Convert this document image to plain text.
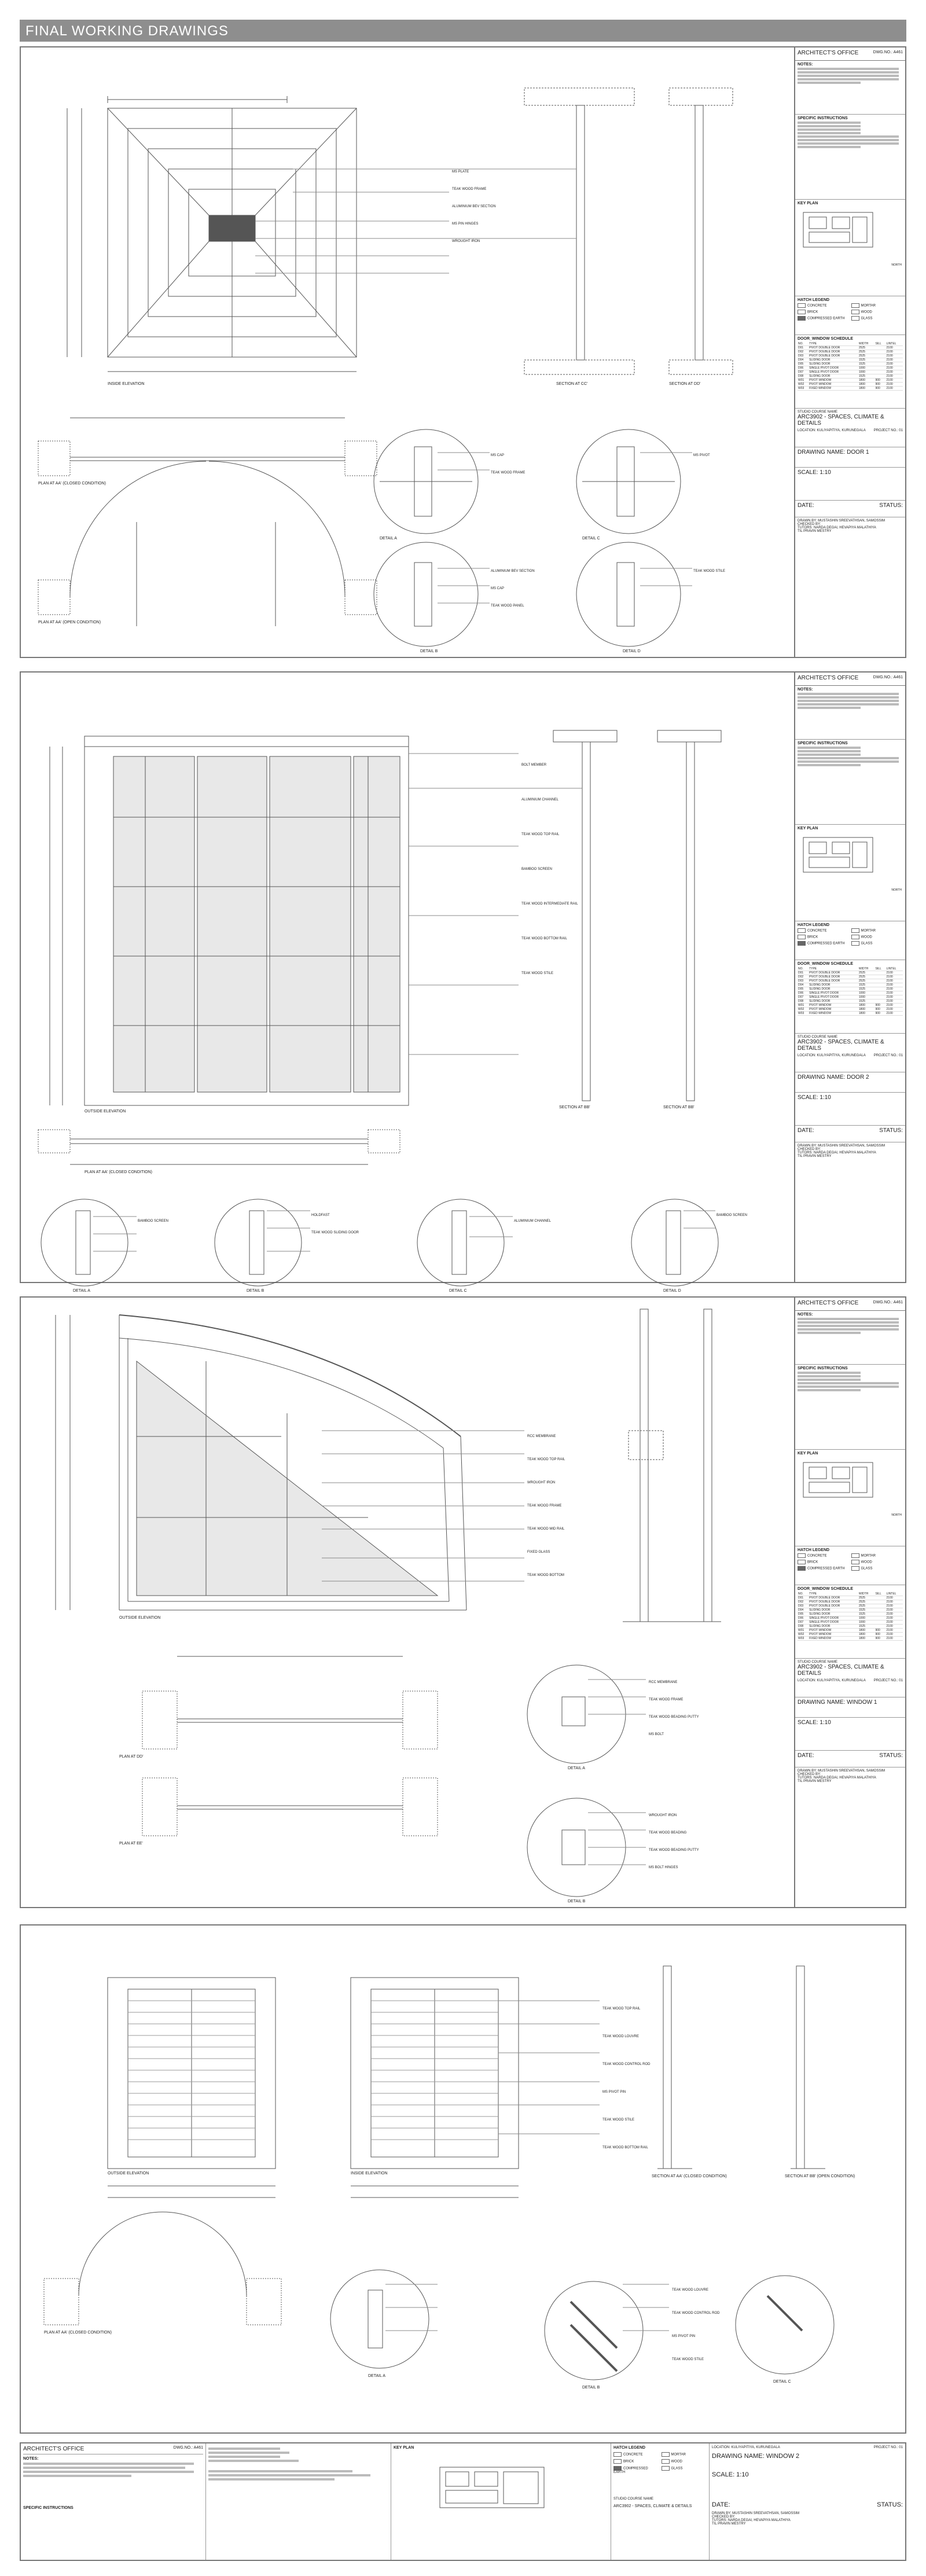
FINAL WORKING DRAWINGS
INSIDE ELEVATION	SECTION AT CC'	SECTION AT DD'
PLAN AT AA' (CLOSED CONDITION)
PLAN AT AA' (OPEN CONDITION)
DETAIL A
DETAIL B
DETAIL C
DETAIL D
MS PLATE
TEAK WOOD FRAME
ALUMINIUM BEV SECTION
MS PIN HINGES
WROUGHT IRON
MS CAP
TEAK WOOD FRAME
ALUMINIUM BEV SECTION
MS CAP
TEAK WOOD PANEL
MS PIVOT
TEAK WOOD STILE
ARCHITECT'S OFFICE	DWG.NO.: A461
NOTES:
SPECIFIC INSTRUCTIONS
KEY PLAN
NORTH
HATCH LEGEND
CONCRETE	MORTAR
BRICK	WOOD
COMPRESSED EARTH	GLASS
DOOR_WINDOW SCHEDULE
NO.	TYPE	WIDTH	SILL	LINTEL
D01	PIVOT DOUBLE DOOR	2525		2100
D02	PIVOT DOUBLE DOOR	2525		2100
D03	PIVOT DOUBLE DOOR	2525		2100
D04	SLIDING DOOR	1525		2100
D05	SLIDING DOOR	1525		2100
D06	SINGLE PIVOT DOOR	1000		2100
D07	SINGLE PIVOT DOOR	1000		2100
D08	SLIDING DOOR	1525		2100
W01	PIVOT WINDOW	1800	900	2100
W02	PIVOT WINDOW	1800	900	2100
W03	FIXED WINDOW	1800	900	2100
STUDIO COURSE NAME
ARC3902 - SPACES, CLIMATE & DETAILS
LOCATION: KULIYAPITIYA, KURUNEGALA PROJECT NO.: 01
DRAWING NAME: DOOR 1
SCALE: 1:10
DATE:	STATUS:
DRAWN BY: MUSTASHIN SREEVATHSAN, SAMOSSIM
CHECKED BY:
TUTORS: NARDA DEGAI, HEVAPIYA MALATHIYA
TIL PRAVIN MESTRY
OUTSIDE ELEVATION
SECTION AT BB'	SECTION AT BB'
PLAN AT AA' (CLOSED CONDITION)
DETAIL A	DETAIL B	DETAIL C	DETAIL D
BOLT MEMBER
ALUMINIUM CHANNEL
TEAK WOOD TOP RAIL
BAMBOO SCREEN
TEAK WOOD INTERMEDIATE RAIL
TEAK WOOD BOTTOM RAIL
TEAK WOOD STILE
BAMBOO SCREEN
HOLDFAST
TEAK WOOD SLIDING DOOR
ALUMINIUM CHANNEL
BAMBOO SCREEN
ARCHITECT'S OFFICE	DWG.NO.: A461
NOTES:
SPECIFIC INSTRUCTIONS
KEY PLAN
NORTH
HATCH LEGEND
CONCRETE	MORTAR
BRICK	WOOD
COMPRESSED EARTH	GLASS
DOOR_WINDOW SCHEDULE
NO.	TYPE	WIDTH	SILL	LINTEL
D01	PIVOT DOUBLE DOOR	2525		2100
D02	PIVOT DOUBLE DOOR	2525		2100
D03	PIVOT DOUBLE DOOR	2525		2100
D04	SLIDING DOOR	1525		2100
D05	SLIDING DOOR	1525		2100
D06	SINGLE PIVOT DOOR	1000		2100
D07	SINGLE PIVOT DOOR	1000		2100
D08	SLIDING DOOR	1525		2100
W01	PIVOT WINDOW	1800	900	2100
W02	PIVOT WINDOW	1800	900	2100
W03	FIXED WINDOW	1800	900	2100
STUDIO COURSE NAME
ARC3902 - SPACES, CLIMATE & DETAILS
LOCATION: KULIYAPITIYA, KURUNEGALA PROJECT NO.: 01
DRAWING NAME: DOOR 2
SCALE: 1:10
DATE:	STATUS:
DRAWN BY: MUSTASHIN SREEVATHSAN, SAMOSSIM
CHECKED BY:
TUTORS: NARDA DEGAI, HEVAPIYA MALATHIYA
TIL PRAVIN MESTRY
OUTSIDE ELEVATION
PLAN AT DD'
PLAN AT EE'
DETAIL A
DETAIL B
RCC MEMBRANE
TEAK WOOD TOP RAIL
WROUGHT IRON
TEAK WOOD FRAME
TEAK WOOD MID RAIL
FIXED GLASS
TEAK WOOD BOTTOM
RCC MEMBRANE
TEAK WOOD FRAME
TEAK WOOD BEADING PUTTY
MS BOLT
WROUGHT IRON
TEAK WOOD BEADING
TEAK WOOD BEADING PUTTY
MS BOLT HINGES
ARCHITECT'S OFFICE	DWG.NO.: A461
NOTES:
SPECIFIC INSTRUCTIONS
KEY PLAN
NORTH
HATCH LEGEND
CONCRETE	MORTAR
BRICK	WOOD
COMPRESSED EARTH	GLASS
DOOR_WINDOW SCHEDULE
NO.	TYPE	WIDTH	SILL	LINTEL
D01	PIVOT DOUBLE DOOR	2525		2100
D02	PIVOT DOUBLE DOOR	2525		2100
D03	PIVOT DOUBLE DOOR	2525		2100
D04	SLIDING DOOR	1525		2100
D05	SLIDING DOOR	1525		2100
D06	SINGLE PIVOT DOOR	1000		2100
D07	SINGLE PIVOT DOOR	1000		2100
D08	SLIDING DOOR	1525		2100
W01	PIVOT WINDOW	1800	900	2100
W02	PIVOT WINDOW	1800	900	2100
W03	FIXED WINDOW	1800	900	2100
STUDIO COURSE NAME
ARC3902 - SPACES, CLIMATE & DETAILS
LOCATION: KULIYAPITIYA, KURUNEGALA PROJECT NO.: 01
DRAWING NAME: WINDOW 1
SCALE: 1:10
DATE:	STATUS:
DRAWN BY: MUSTASHIN SREEVATHSAN, SAMOSSIM
CHECKED BY:
TUTORS: NARDA DEGAI, HEVAPIYA MALATHIYA
TIL PRAVIN MESTRY
OUTSIDE ELEVATION	INSIDE ELEVATION
SECTION AT AA' (CLOSED CONDITION)	SECTION AT BB' (OPEN CONDITION)
PLAN AT AA' (CLOSED CONDITION)
DETAIL A
DETAIL B
DETAIL C
TEAK WOOD TOP RAIL
TEAK WOOD LOUVRE
TEAK WOOD CONTROL ROD
MS PIVOT PIN
TEAK WOOD STILE
TEAK WOOD BOTTOM RAIL
TEAK WOOD LOUVRE
TEAK WOOD CONTROL ROD
MS PIVOT PIN
TEAK WOOD STILE
ARCHITECT'S OFFICE	DWG.NO.: A461
NOTES:
SPECIFIC INSTRUCTIONS
KEY PLAN	HATCH LEGEND
CONCRETE	MORTAR
BRICK	WOOD
COMPRESSED EARTH
GLASS
STUDIO COURSE NAME
ARC3902 - SPACES, CLIMATE & DETAILS
LOCATION: KULIYAPITIYA, KURUNEGALA	PROJECT NO.: 01
DRAWING NAME: WINDOW 2
SCALE: 1:10
DATE:	STATUS:
DRAWN BY: MUSTASHIN SREEVATHSAN, SAMOSSIM
CHECKED BY:
TUTORS: NARDA DEGAI, HEVAPIYA MALATHIYA
TIL PRAVIN MESTRY
